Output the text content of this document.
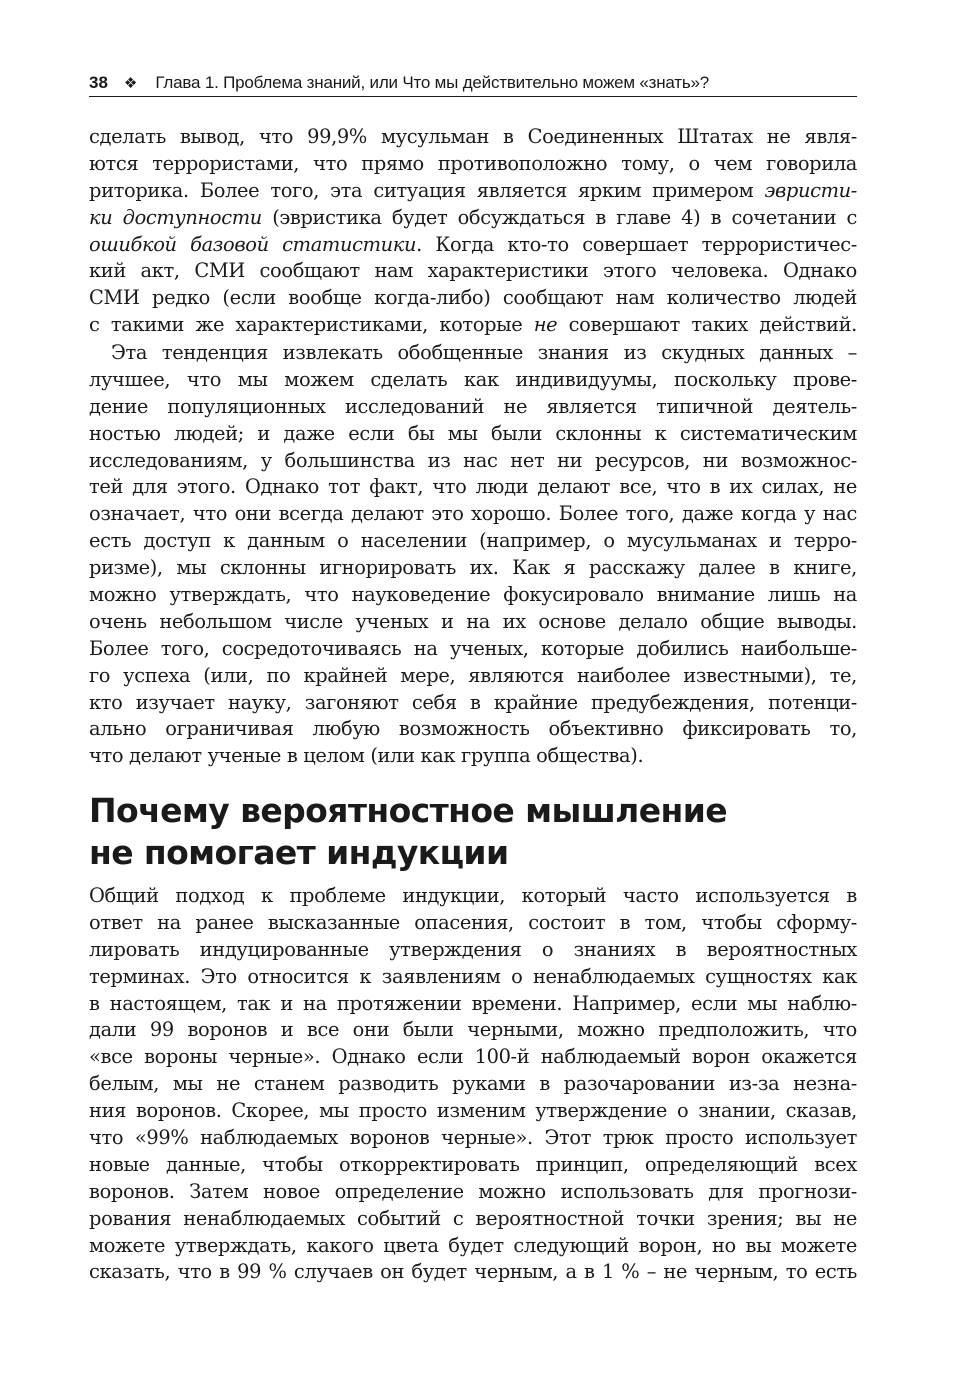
38 ❖ Глава 1. Проблема знаний, или Что мы действительно можем «знать»?
сделать вывод, что 99,9% мусульман в Соединенных Штатах не явля-
ются террористами, что прямо противоположно тому, о чем говорила
риторика. Более того, эта ситуация является ярким примером эвристи-
ки доступности (эвристика будет обсуждаться в главе 4) в сочетании с
ошибкой базовой статистики. Когда кто-то совершает террористичес-
кий акт, СМИ сообщают нам характеристики этого человека. Однако
СМИ редко (если вообще когда-либо) сообщают нам количество людей
с такими же характеристиками, которые не совершают таких действий.
Эта тенденция извлекать обобщенные знания из скудных данных –
лучшее, что мы можем сделать как индивидуумы, поскольку прове-
дение популяционных исследований не является типичной деятель-
ностью людей; и даже если бы мы были склонны к систематическим
исследованиям, у большинства из нас нет ни ресурсов, ни возможнос-
тей для этого. Однако тот факт, что люди делают все, что в их силах, не
означает, что они всегда делают это хорошо. Более того, даже когда у нас
есть доступ к данным о населении (например, о мусульманах и терро-
ризме), мы склонны игнорировать их. Как я расскажу далее в книге,
можно утверждать, что науковедение фокусировало внимание лишь на
очень небольшом числе ученых и на их основе делало общие выводы.
Более того, сосредоточиваясь на ученых, которые добились наибольше-
го успеха (или, по крайней мере, являются наиболее известными), те,
кто изучает науку, загоняют себя в крайние предубеждения, потенци-
ально ограничивая любую возможность объективно фиксировать то,
что делают ученые в целом (или как группа общества).
Почему вероятностное мышление
не помогает индукции
Общий подход к проблеме индукции, который часто используется в
ответ на ранее высказанные опасения, состоит в том, чтобы сформу-
лировать индуцированные утверждения о знаниях в вероятностных
терминах. Это относится к заявлениям о ненаблюдаемых сущностях как
в настоящем, так и на протяжении времени. Например, если мы наблю-
дали 99 воронов и все они были черными, можно предположить, что
«все вороны черные». Однако если 100-й наблюдаемый ворон окажется
белым, мы не станем разводить руками в разочаровании из-за незна-
ния воронов. Скорее, мы просто изменим утверждение о знании, сказав,
что «99% наблюдаемых воронов черные». Этот трюк просто использует
новые данные, чтобы откорректировать принцип, определяющий всех
воронов. Затем новое определение можно использовать для прогнози-
рования ненаблюдаемых событий с вероятностной точки зрения; вы не
можете утверждать, какого цвета будет следующий ворон, но вы можете
сказать, что в 99 % случаев он будет черным, а в 1 % – не черным, то есть
